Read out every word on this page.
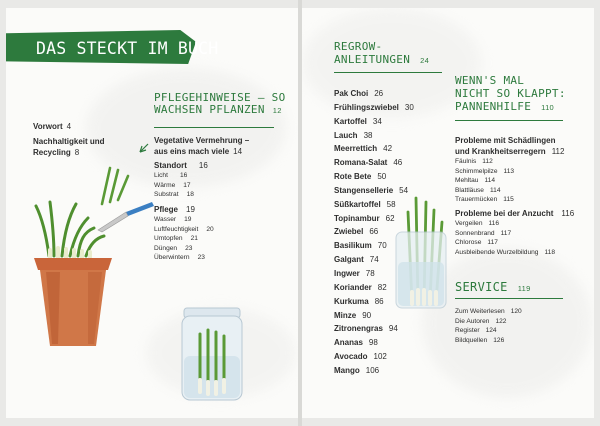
DAS STECKT IM BUCH
Vorwort 4
Nachhaltigkeit und
Recycling 8
PFLEGEHINWEISE – SO
WACHSEN PFLANZEN 12
Vegetative Vermehrung –
aus eins mach viele 14
Standort 16
Licht 16
Wärme 17
Substrat 18
Pflege 19
Wasser 19
Luftfeuchtigkeit 20
Umtopfen 21
Düngen 23
Überwintern 23
REGROW-
ANLEITUNGEN 24
Pak Choi 26
Frühlingszwiebel 30
Kartoffel 34
Lauch 38
Meerrettich 42
Romana-Salat 46
Rote Bete 50
Stangensellerie 54
Süßkartoffel 58
Topinambur 62
Zwiebel 66
Basilikum 70
Galgant 74
Ingwer 78
Koriander 82
Kurkuma 86
Minze 90
Zitronengras 94
Ananas 98
Avocado 102
Mango 106
WENN'S MAL
NICHT SO KLAPPT:
PANNENHILFE 110
Probleme mit Schädlingen
und Krankheitserregern 112
Fäulnis 112
Schimmelpilze 113
Mehltau 114
Blattläuse 114
Trauermücken 115
Probleme bei der Anzucht 116
Vergeilen 116
Sonnenbrand 117
Chlorose 117
Ausbleibende Wurzelbildung 118
SERVICE 119
Zum Weiterlesen 120
Die Autoren 122
Register 124
Bildquellen 126
